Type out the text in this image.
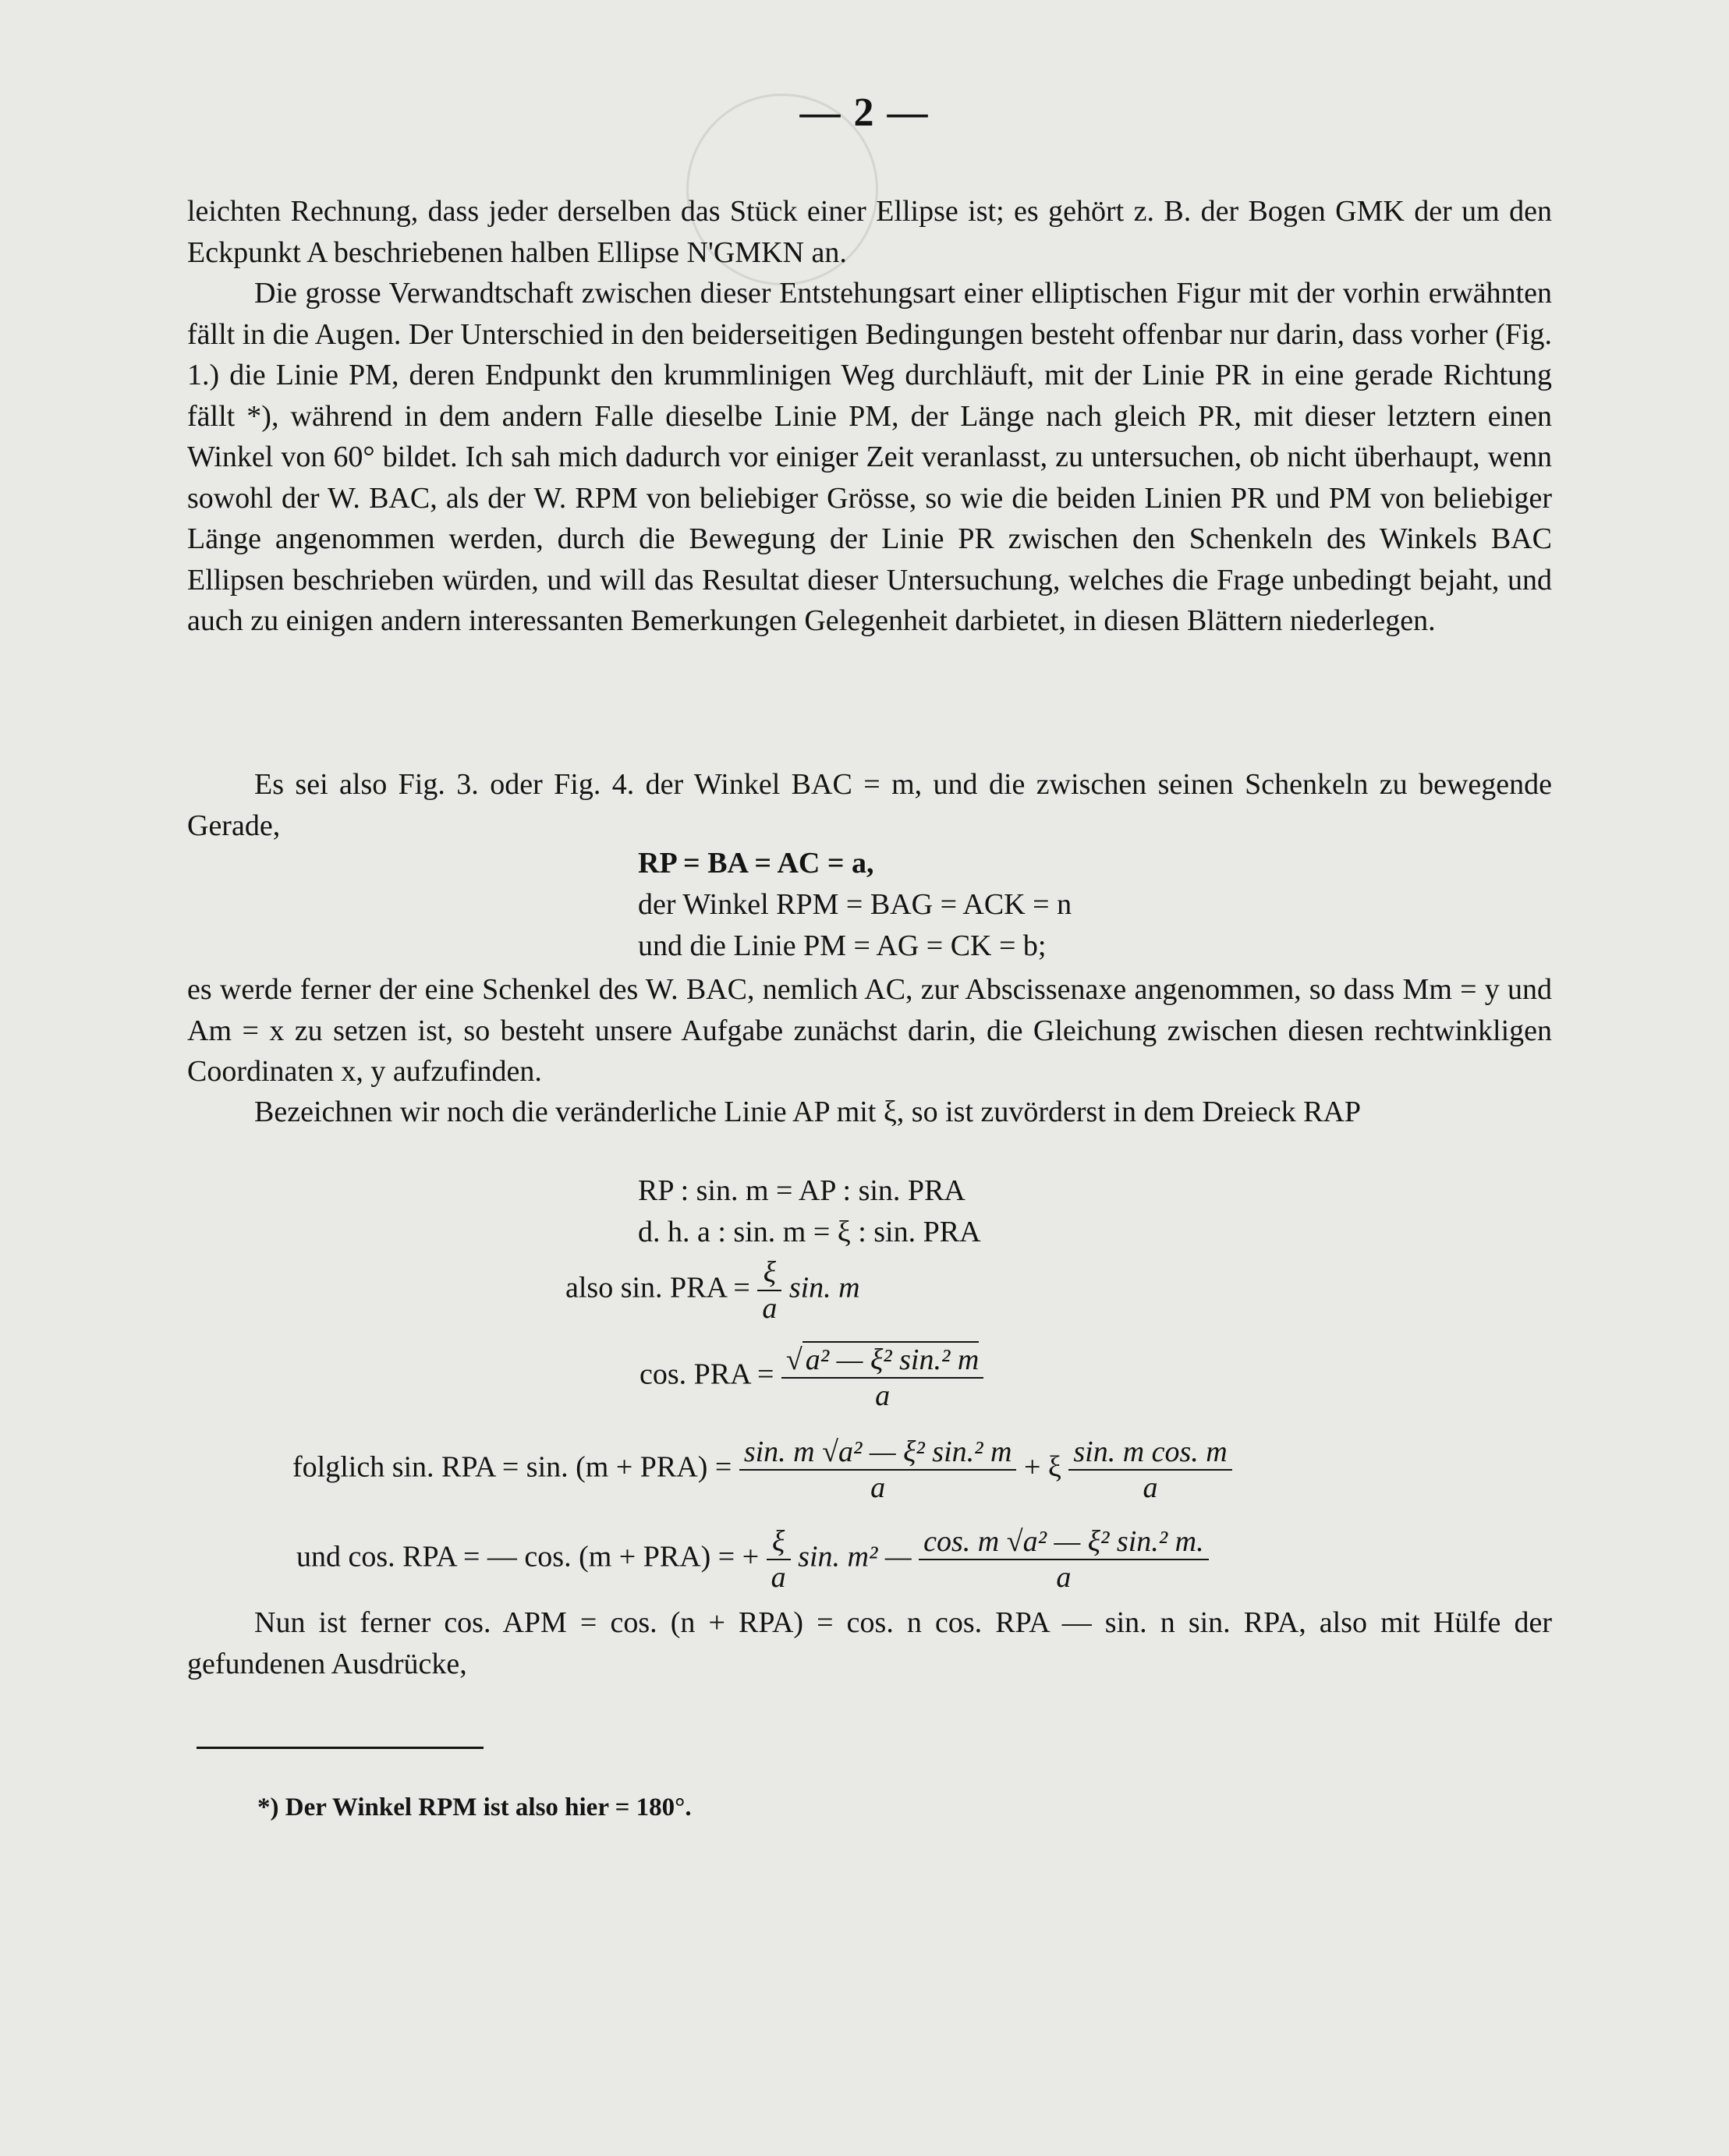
— 2 —
leichten Rechnung, dass jeder derselben das Stück einer Ellipse ist; es gehört z. B. der Bogen GMK der um den Eckpunkt A beschriebenen halben Ellipse N'GMKN an.
Die grosse Verwandtschaft zwischen dieser Entstehungsart einer elliptischen Figur mit der vorhin erwähnten fällt in die Augen. Der Unterschied in den beiderseitigen Bedingungen besteht offenbar nur darin, dass vorher (Fig. 1.) die Linie PM, deren Endpunkt den krummlinigen Weg durchläuft, mit der Linie PR in eine gerade Richtung fällt *), während in dem andern Falle dieselbe Linie PM, der Länge nach gleich PR, mit dieser letztern einen Winkel von 60° bildet. Ich sah mich dadurch vor einiger Zeit veranlasst, zu untersuchen, ob nicht überhaupt, wenn sowohl der W. BAC, als der W. RPM von beliebiger Grösse, so wie die beiden Linien PR und PM von beliebiger Länge angenommen werden, durch die Bewegung der Linie PR zwischen den Schenkeln des Winkels BAC Ellipsen beschrieben würden, und will das Resultat dieser Untersuchung, welches die Frage unbedingt bejaht, und auch zu einigen andern interessanten Bemerkungen Gelegenheit darbietet, in diesen Blättern niederlegen.
Es sei also Fig. 3. oder Fig. 4. der Winkel BAC = m, und die zwischen seinen Schenkeln zu bewegende Gerade,
RP = BA = AC = a,
der Winkel RPM = BAG = ACK = n
und die Linie PM = AG = CK = b;
es werde ferner der eine Schenkel des W. BAC, nemlich AC, zur Abscissenaxe angenommen, so dass Mm = y und Am = x zu setzen ist, so besteht unsere Aufgabe zunächst darin, die Gleichung zwischen diesen rechtwinkligen Coordinaten x, y aufzufinden.
Bezeichnen wir noch die veränderliche Linie AP mit ξ, so ist zuvörderst in dem Dreieck RAP
RP : sin. m = AP : sin. PRA
d. h. a : sin. m = ξ : sin. PRA
also sin. PRA = $\frac{\xi}{a} \sin$. m
cos. PRA = $\frac{\text{√ a² — ξ² sin.² m}}{a}$
folglich sin. RPA = sin. $(m + PRA) = \frac{\text{sin. m √a² — ξ² sin.² m}}{a} + \xi \frac{\text{sin. m cos. m}}{a}$
und cos. RPA = — cos. (m + PRA) = + $\frac{\xi}{a} \sin$. m² — $\frac{\text{cos. m √a² — ξ² sin.² m.}}{a}$
Nun ist ferner cos. APM = cos. (n + RPA) = cos. n cos. RPA — sin. n sin. RPA, also mit Hülfe der gefundenen Ausdrücke,
*) Der Winkel RPM ist also hier = 180°.
